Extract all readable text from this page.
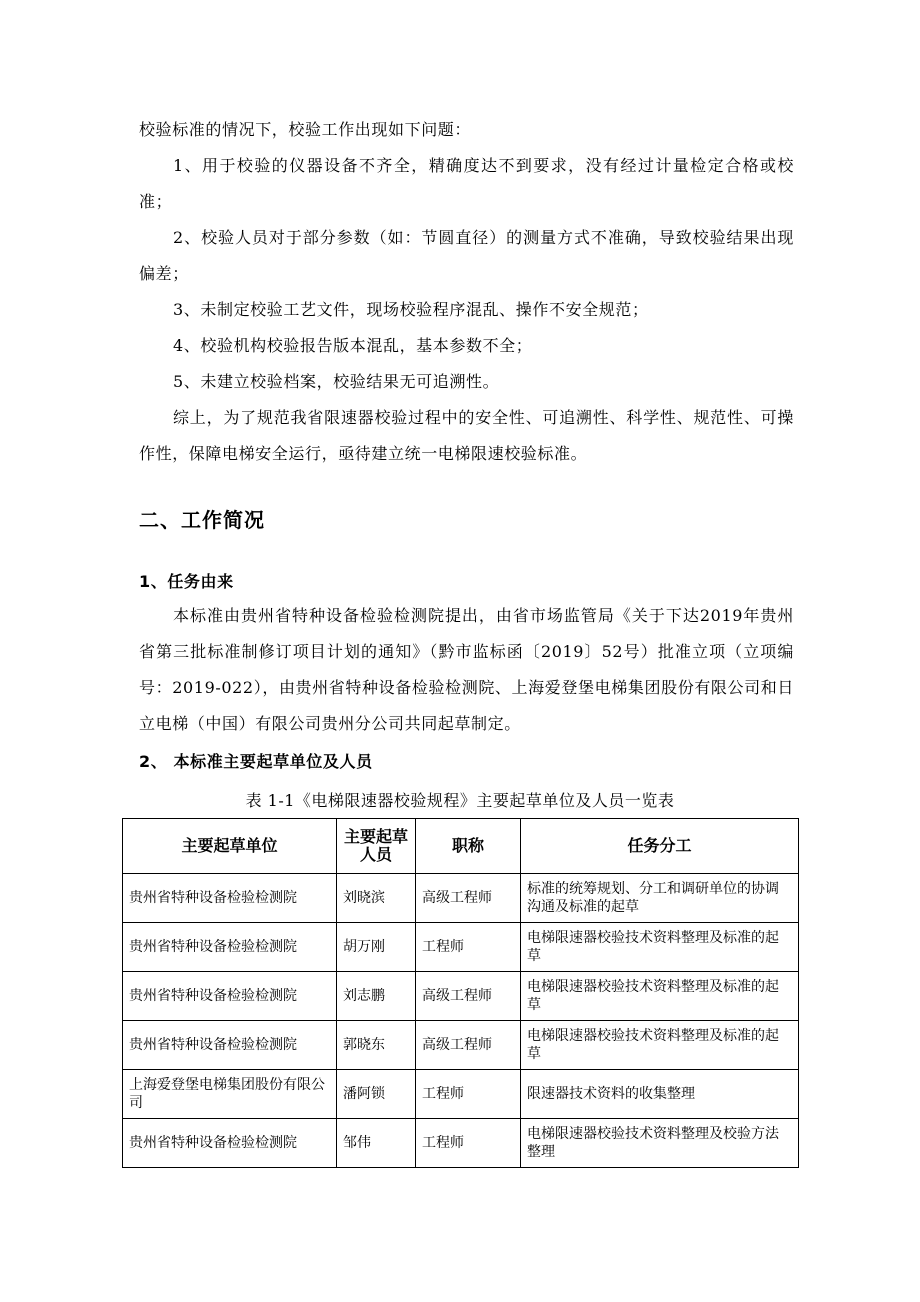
校验标准的情况下，校验工作出现如下问题：

1、用于校验的仪器设备不齐全，精确度达不到要求，没有经过计量检定合格或校准；

2、校验人员对于部分参数（如：节圆直径）的测量方式不准确，导致校验结果出现偏差；

3、未制定校验工艺文件，现场校验程序混乱、操作不安全规范；

4、校验机构校验报告版本混乱，基本参数不全；

5、未建立校验档案，校验结果无可追溯性。

综上，为了规范我省限速器校验过程中的安全性、可追溯性、科学性、规范性、可操作性，保障电梯安全运行，亟待建立统一电梯限速校验标准。

二、工作简况
1、任务由来

本标准由贵州省特种设备检验检测院提出，由省市场监管局《关于下达2019年贵州省第三批标准制修订项目计划的通知》（黔市监标函〔2019〕52号）批准立项（立项编号：2019-022），由贵州省特种设备检验检测院、上海爱登堡电梯集团股份有限公司和日立电梯（中国）有限公司贵州分公司共同起草制定。

2、 本标准主要起草单位及人员

表 1-1《电梯限速器校验规程》主要起草单位及人员一览表

主要起草单位	主要起草人员	职称	任务分工
贵州省特种设备检验检测院	刘晓滨	高级工程师	标准的统筹规划、分工和调研单位的协调沟通及标准的起草
贵州省特种设备检验检测院	胡万刚	工程师	电梯限速器校验技术资料整理及标准的起草
贵州省特种设备检验检测院	刘志鹏	高级工程师	电梯限速器校验技术资料整理及标准的起草
贵州省特种设备检验检测院	郭晓东	高级工程师	电梯限速器校验技术资料整理及标准的起草
上海爱登堡电梯集团股份有限公司	潘阿锁	工程师	限速器技术资料的收集整理
贵州省特种设备检验检测院	邹伟	工程师	电梯限速器校验技术资料整理及校验方法整理
